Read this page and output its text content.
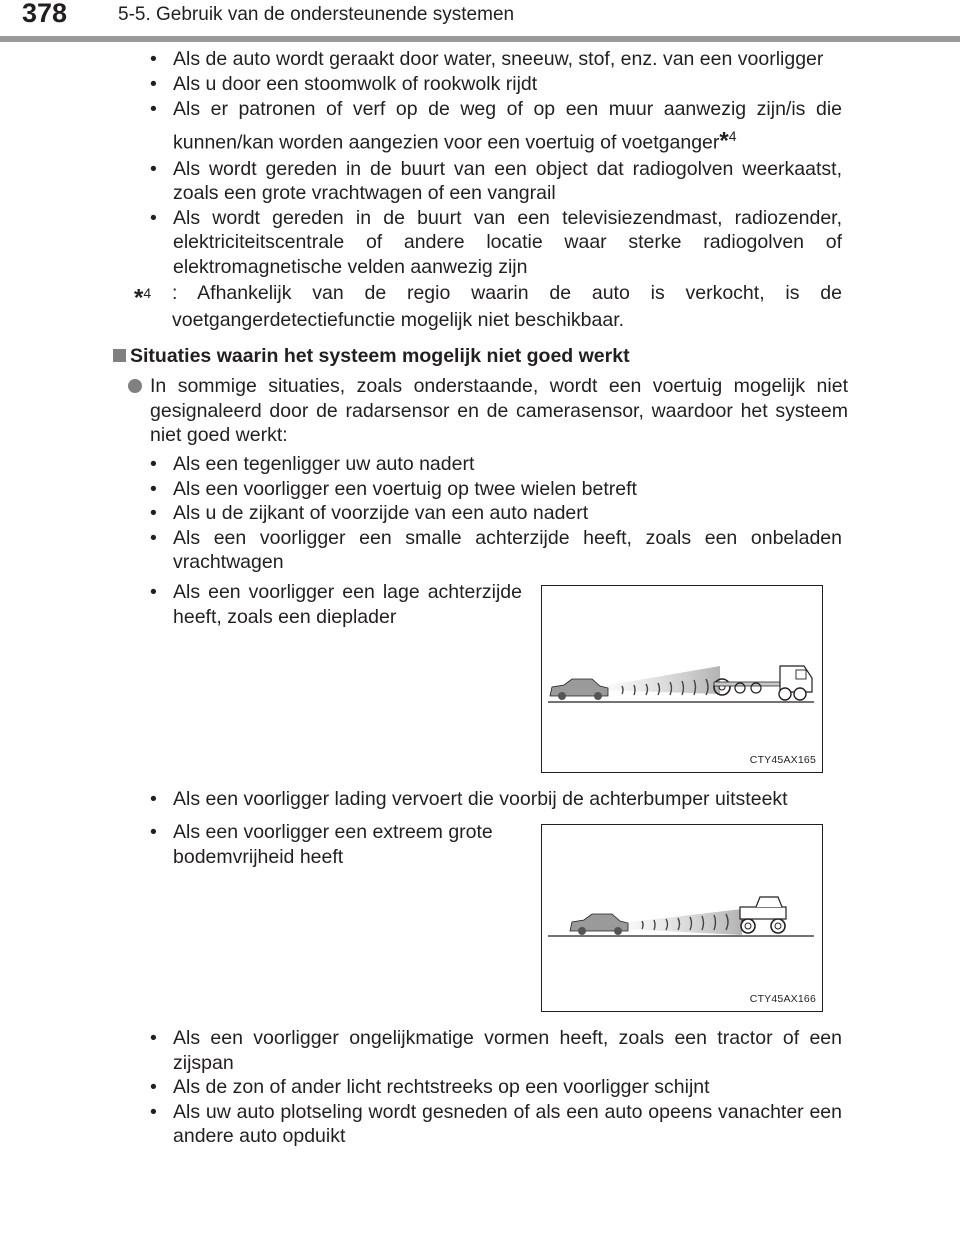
378	5-5. Gebruik van de ondersteunende systemen
• Als de auto wordt geraakt door water, sneeuw, stof, enz. van een voorligger
• Als u door een stoomwolk of rookwolk rijdt
• Als er patronen of verf op de weg of op een muur aanwezig zijn/is die kunnen/kan worden aangezien voor een voertuig of voetganger*$^4$
• Als wordt gereden in de buurt van een object dat radiogolven weerkaatst, zoals een grote vrachtwagen of een vangrail
• Als wordt gereden in de buurt van een televisiezendmast, radiozender, elektriciteitscentrale of andere locatie waar sterke radiogolven of elektromagnetische velden aanwezig zijn
*$^4$	: Afhankelijk van de regio waarin de auto is verkocht, is de voetgangerdetectiefunctie mogelijk niet beschikbaar.
Situaties waarin het systeem mogelijk niet goed werkt
In sommige situaties, zoals onderstaande, wordt een voertuig mogelijk niet gesignaleerd door de radarsensor en de camerasensor, waardoor het systeem niet goed werkt:
• Als een tegenligger uw auto nadert
• Als een voorligger een voertuig op twee wielen betreft
• Als u de zijkant of voorzijde van een auto nadert
• Als een voorligger een smalle achterzijde heeft, zoals een onbeladen vrachtwagen
• Als een voorligger een lage achterzijde heeft, zoals een dieplader
CTY45AX165
• Als een voorligger lading vervoert die voorbij de achterbumper uitsteekt
• Als een voorligger een extreem grote bodemvrijheid heeft
CTY45AX166
• Als een voorligger ongelijkmatige vormen heeft, zoals een tractor of een zijspan
• Als de zon of ander licht rechtstreeks op een voorligger schijnt
• Als uw auto plotseling wordt gesneden of als een auto opeens vanachter een andere auto opduikt
